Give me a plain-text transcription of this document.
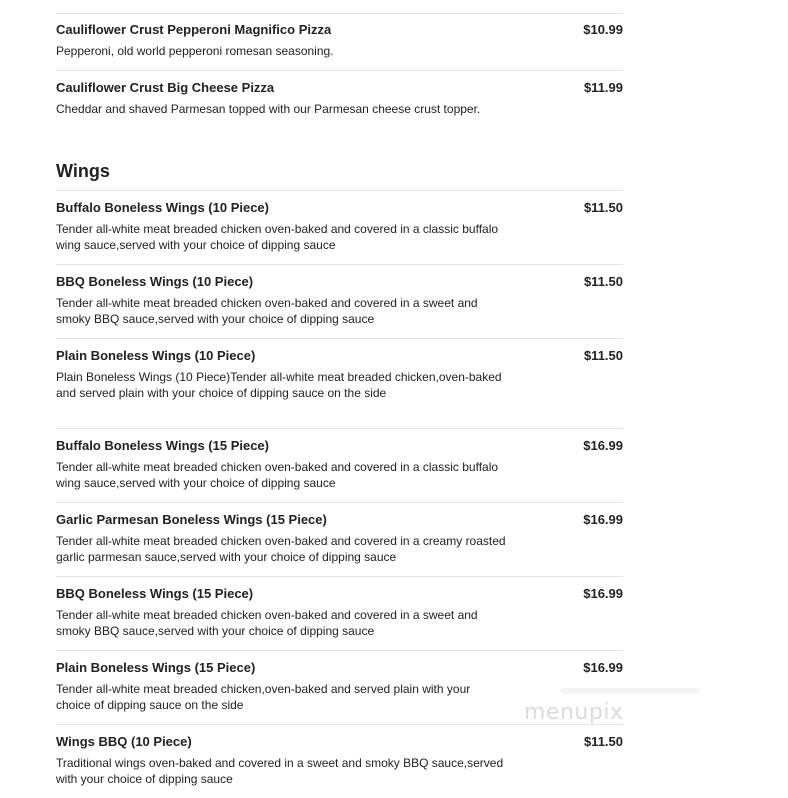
Cauliflower Crust Pepperoni Magnifico Pizza	$10.99
Pepperoni, old world pepperoni romesan seasoning.
Cauliflower Crust Big Cheese Pizza	$11.99
Cheddar and shaved Parmesan topped with our Parmesan cheese crust topper.
Wings
Buffalo Boneless Wings (10 Piece)	$11.50
Tender all-white meat breaded chicken oven-baked and covered in a classic buffalo wing sauce,served with your choice of dipping sauce
BBQ Boneless Wings (10 Piece)	$11.50
Tender all-white meat breaded chicken oven-baked and covered in a sweet and smoky BBQ sauce,served with your choice of dipping sauce
Plain Boneless Wings (10 Piece)	$11.50
Plain Boneless Wings (10 Piece)Tender all-white meat breaded chicken,oven-baked and served plain with your choice of dipping sauce on the side
Buffalo Boneless Wings (15 Piece)	$16.99
Tender all-white meat breaded chicken oven-baked and covered in a classic buffalo wing sauce,served with your choice of dipping sauce
Garlic Parmesan Boneless Wings (15 Piece)	$16.99
Tender all-white meat breaded chicken oven-baked and covered in a creamy roasted garlic parmesan sauce,served with your choice of dipping sauce
BBQ Boneless Wings (15 Piece)	$16.99
Tender all-white meat breaded chicken oven-baked and covered in a sweet and smoky BBQ sauce,served with your choice of dipping sauce
Plain Boneless Wings (15 Piece)	$16.99
Tender all-white meat breaded chicken,oven-baked and served plain with your choice of dipping sauce on the side
Wings BBQ (10 Piece)	$11.50
Traditional wings oven-baked and covered in a sweet and smoky BBQ sauce,served with your choice of dipping sauce
menupix
